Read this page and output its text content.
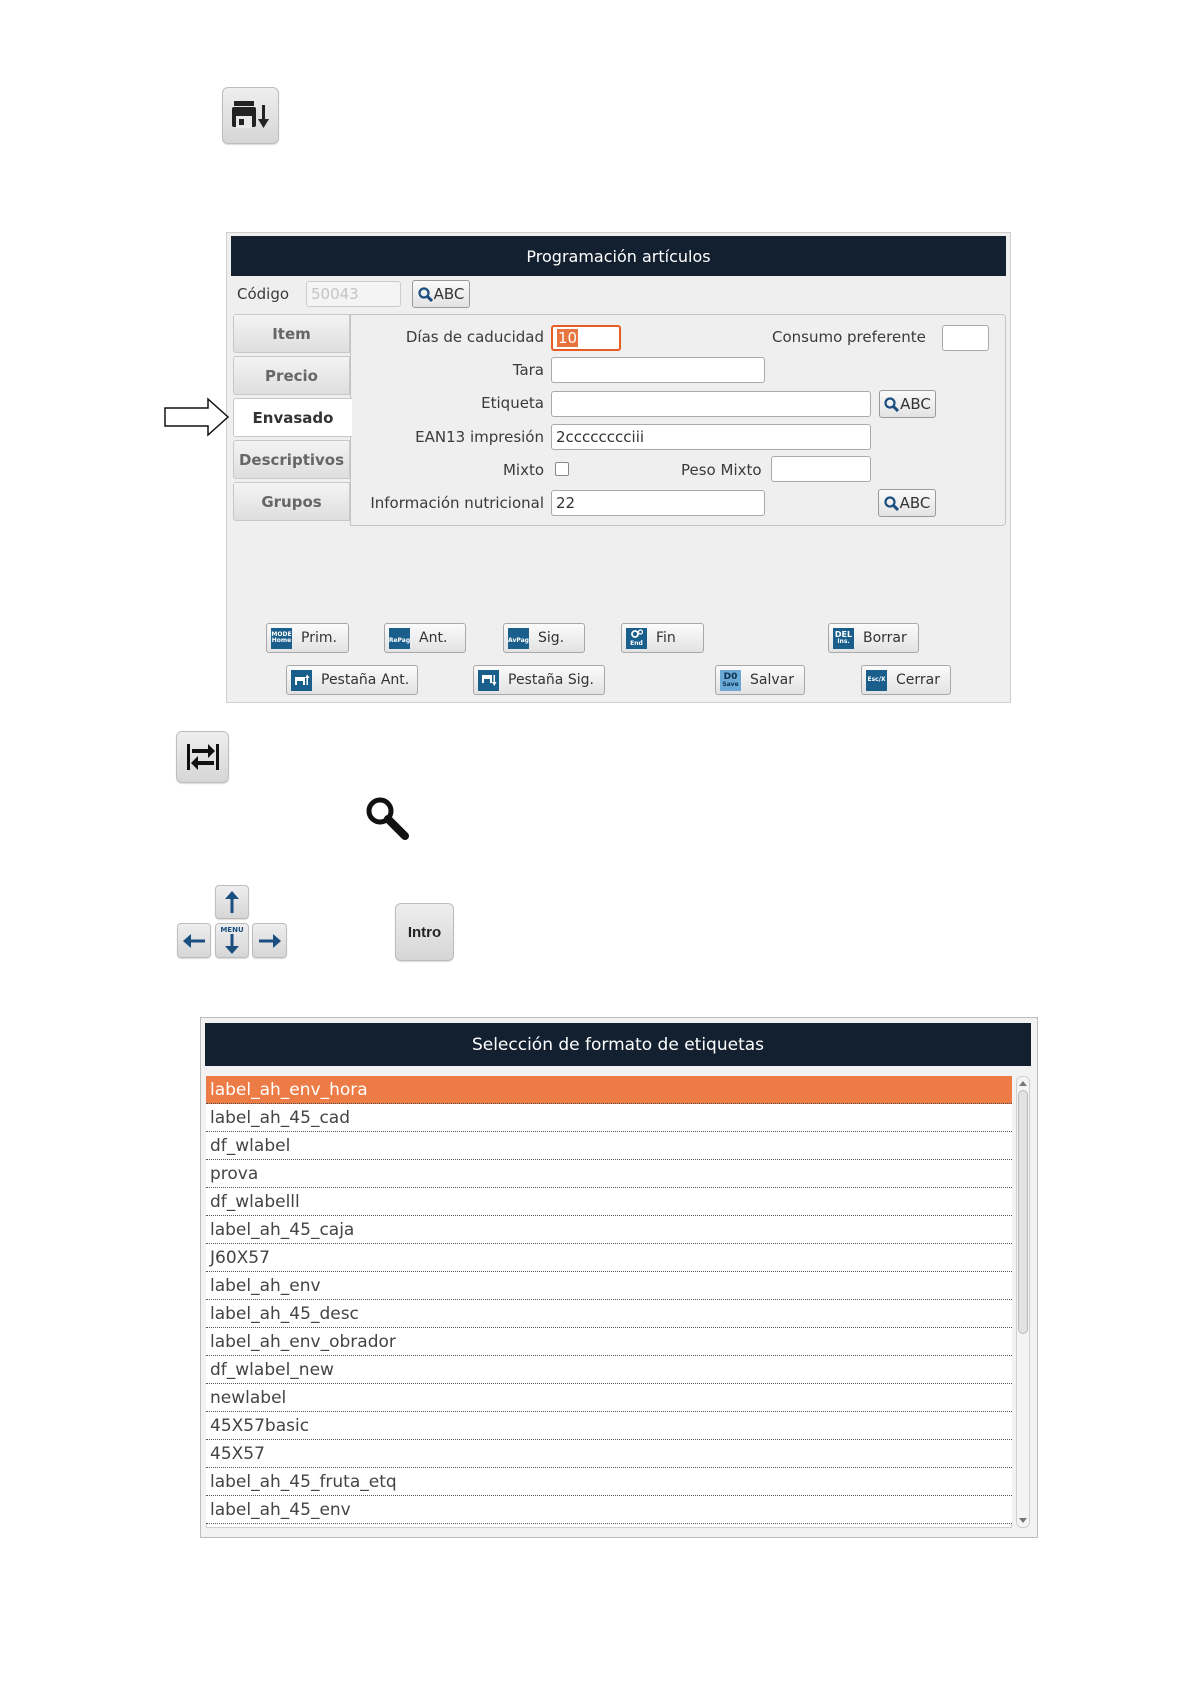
Programación artículos
Código	50043	ABC
Item
Precio
Envasado
Descriptivos
Grupos
Días de caducidad 10	Consumo preferente
Tara
Etiqueta	ABC
EAN13 impresión 2cccccccciii
Mixto	Peso Mixto
Información nutricional 22	ABC
MODE
Home Prim.	RePag Ant.	AvPag Sig.	End Fin	DEL
Ins. Borrar
Pestaña Ant.	Pestaña Sig.	D0
Save Salvar	Esc/X Cerrar
MENU	Intro
Selección de formato de etiquetas
label_ah_env_hora
label_ah_45_cad
df_wlabel
prova
df_wlabelll
label_ah_45_caja
J60X57
label_ah_env
label_ah_45_desc
label_ah_env_obrador
df_wlabel_new
newlabel
45X57basic
45X57
label_ah_45_fruta_etq
label_ah_45_env
